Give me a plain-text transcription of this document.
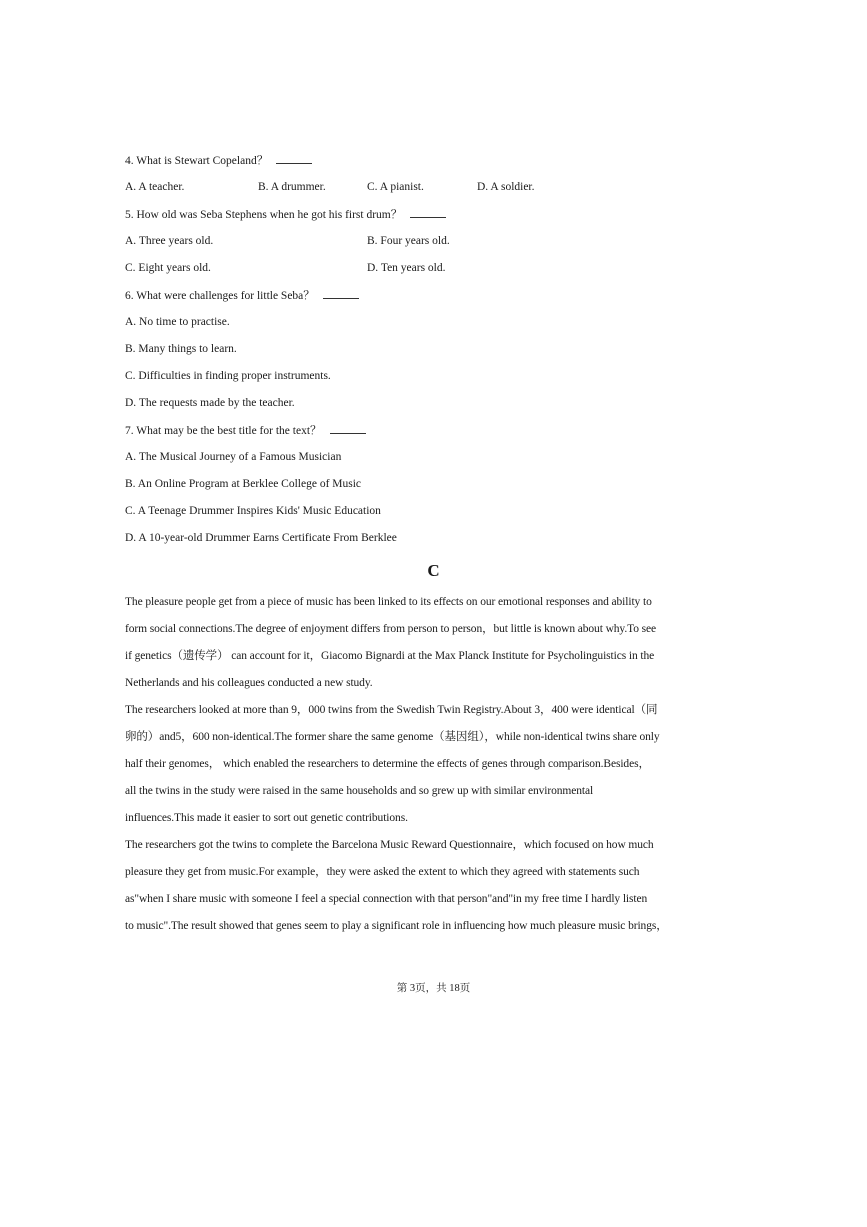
4. What is Stewart Copeland？
A. A teacher.	B. A drummer.	C. A pianist.	D. A soldier.
5. How old was Seba Stephens when he got his first drum？
A. Three years old.	B. Four years old.
C. Eight years old.	D. Ten years old.
6. What were challenges for little Seba？
A. No time to practise.
B. Many things to learn.
C. Difficulties in finding proper instruments.
D. The requests made by the teacher.
7. What may be the best title for the text？
A. The Musical Journey of a Famous Musician
B. An Online Program at Berklee College of Music
C. A Teenage Drummer Inspires Kids' Music Education
D. A 10-year-old Drummer Earns Certificate From Berklee
C
The pleasure people get from a piece of music has been linked to its effects on our emotional responses and ability to
form social connections.The degree of enjoyment differs from person to person，but little is known about why.To see
if genetics（遗传学） can account for it，Giacomo Bignardi at the Max Planck Institute for Psycholinguistics in the
Netherlands and his colleagues conducted a new study.
The researchers looked at more than 9，000 twins from the Swedish Twin Registry.About 3，400 were identical（同
卵的）and5，600 non-identical.The former share the same genome（基因组），while non-identical twins share only
half their genomes， which enabled the researchers to determine the effects of genes through comparison.Besides，
all the twins in the study were raised in the same households and so grew up with similar environmental
influences.This made it easier to sort out genetic contributions.
The researchers got the twins to complete the Barcelona Music Reward Questionnaire，which focused on how much
pleasure they get from music.For example，they were asked the extent to which they agreed with statements such
as"when I share music with someone I feel a special connection with that person"and"in my free time I hardly listen
to music".The result showed that genes seem to play a significant role in influencing how much pleasure music brings，
第 3页，共 18页
